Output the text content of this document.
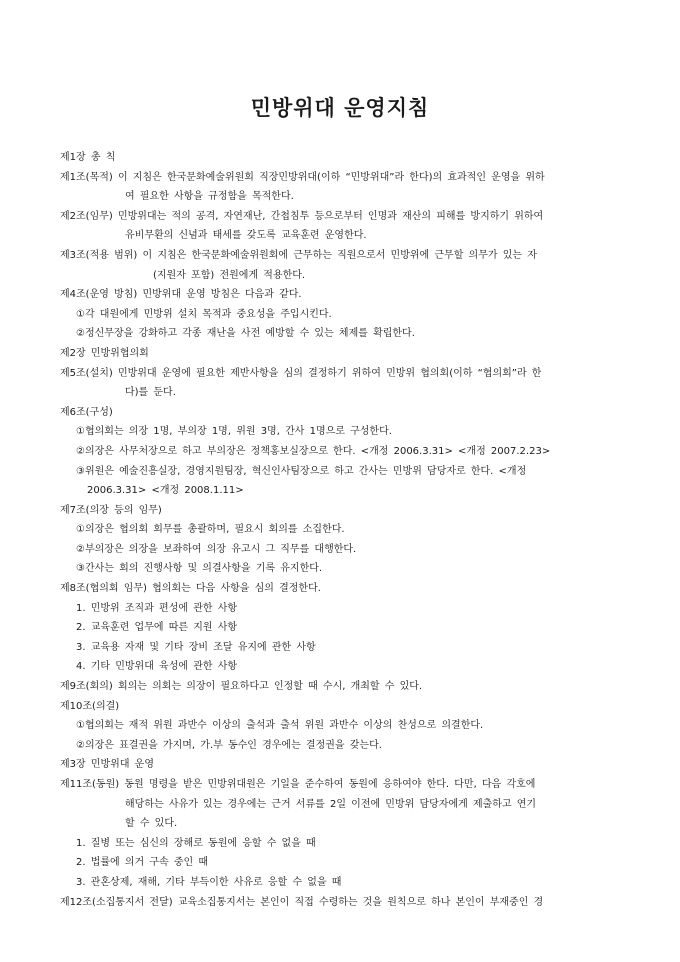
민방위대 운영지침
제1장 총 칙
제1조(목적) 이 지침은 한국문화예술위원회 직장민방위대(이하 “민방위대”라 한다)의 효과적인 운영을 위하
여 필요한 사항을 규정함을 목적한다.
제2조(임무) 민방위대는 적의 공격, 자연재난, 간첩침투 등으로부터 인명과 재산의 피해를 방지하기 위하여
유비무환의 신념과 태세를 갖도록 교육훈련 운영한다.
제3조(적용 범위) 이 지침은 한국문화예술위원회에 근무하는 직원으로서 민방위에 근무할 의무가 있는 자
(지원자 포함) 전원에게 적용한다.
제4조(운영 방침) 민방위대 운영 방침은 다음과 같다.
①각 대원에게 민방위 설치 목적과 중요성을 주입시킨다.
②정신무장을 강화하고 각종 재난을 사전 예방할 수 있는 체제를 확립한다.
제2장 민방위협의회
제5조(설치) 민방위대 운영에 필요한 제반사항을 심의 결정하기 위하여 민방위 협의회(이하 “협의회”라 한
다)를 둔다.
제6조(구성)
①협의회는 의장 1명, 부의장 1명, 위원 3명, 간사 1명으로 구성한다.
②의장은 사무처장으로 하고 부의장은 정책홍보실장으로 한다. <개정 2006.3.31> <개정 2007.2.23>
③위원은 예술진흥실장, 경영지원팀장, 혁신인사팀장으로 하고 간사는 민방위 담당자로 한다. <개정
2006.3.31> <개정 2008.1.11>
제7조(의장 등의 임무)
①의장은 협의회 회무를 총괄하며, 필요시 회의를 소집한다.
②부의장은 의장을 보좌하여 의장 유고시 그 직무를 대행한다.
③간사는 회의 진행사항 및 의결사항을 기록 유지한다.
제8조(협의회 임무) 협의회는 다음 사항을 심의 결정한다.
1. 민방위 조직과 편성에 관한 사항
2. 교육훈련 업무에 따른 지원 사항
3. 교육용 자재 및 기타 장비 조달 유지에 관한 사항
4. 기타 민방위대 육성에 관한 사항
제9조(회의) 회의는 의회는 의장이 필요하다고 인정할 때 수시, 개최할 수 있다.
제10조(의결)
①협의회는 재적 위원 과반수 이상의 출석과 출석 위원 과반수 이상의 찬성으로 의결한다.
②의장은 표결권을 가지며, 가.부 동수인 경우에는 결정권을 갖는다.
제3장 민방위대 운영
제11조(동원) 동원 명령을 받은 민방위대원은 기일을 준수하여 동원에 응하여야 한다. 다만, 다음 각호에
해당하는 사유가 있는 경우에는 근거 서류를 2일 이전에 민방위 담당자에게 제출하고 연기
할 수 있다.
1. 질병 또는 심신의 장해로 동원에 응할 수 없을 때
2. 법률에 의거 구속 중인 때
3. 관혼상제, 재해, 기타 부득이한 사유로 응할 수 없을 때
제12조(소집통지서 전달) 교육소집통지서는 본인이 직접 수령하는 것을 원칙으로 하나 본인이 부재중인 경
